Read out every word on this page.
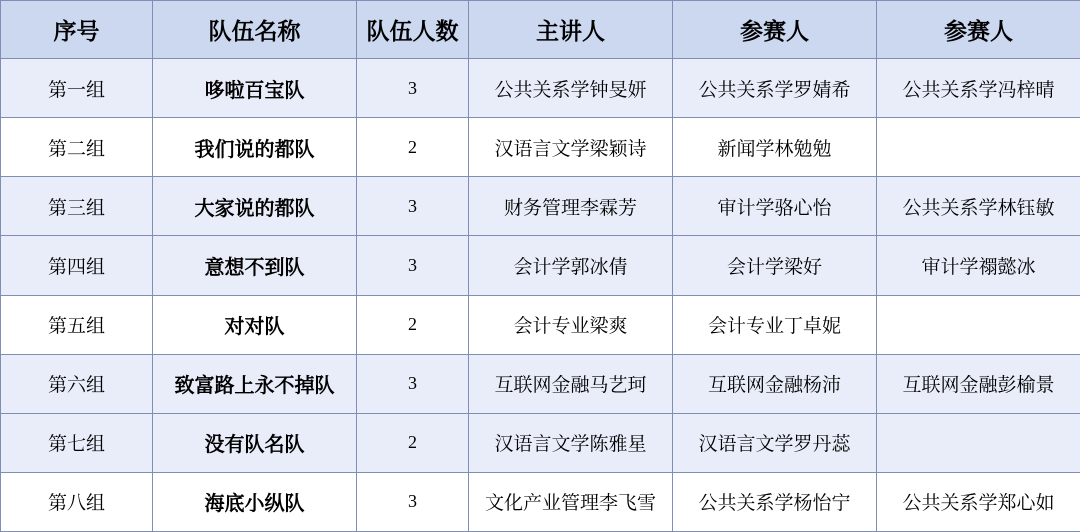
序号	队伍名称	队伍人数	主讲人	参赛人	参赛人
第一组	哆啦百宝队	3	公共关系学钟旻妍	公共关系学罗婧希	公共关系学冯梓晴
第二组	我们说的都队	2	汉语言文学梁颖诗	新闻学林勉勉	
第三组	大家说的都队	3	财务管理李霖芳	审计学骆心怡	公共关系学林钰敏
第四组	意想不到队	3	会计学郭冰倩	会计学梁好	审计学禤懿冰
第五组	对对队	2	会计专业梁爽	会计专业丁卓妮	
第六组	致富路上永不掉队	3	互联网金融马艺珂	互联网金融杨沛	互联网金融彭榆景
第七组	没有队名队	2	汉语言文学陈雅星	汉语言文学罗丹蕊	
第八组	海底小纵队	3	文化产业管理李飞雪	公共关系学杨怡宁	公共关系学郑心如
